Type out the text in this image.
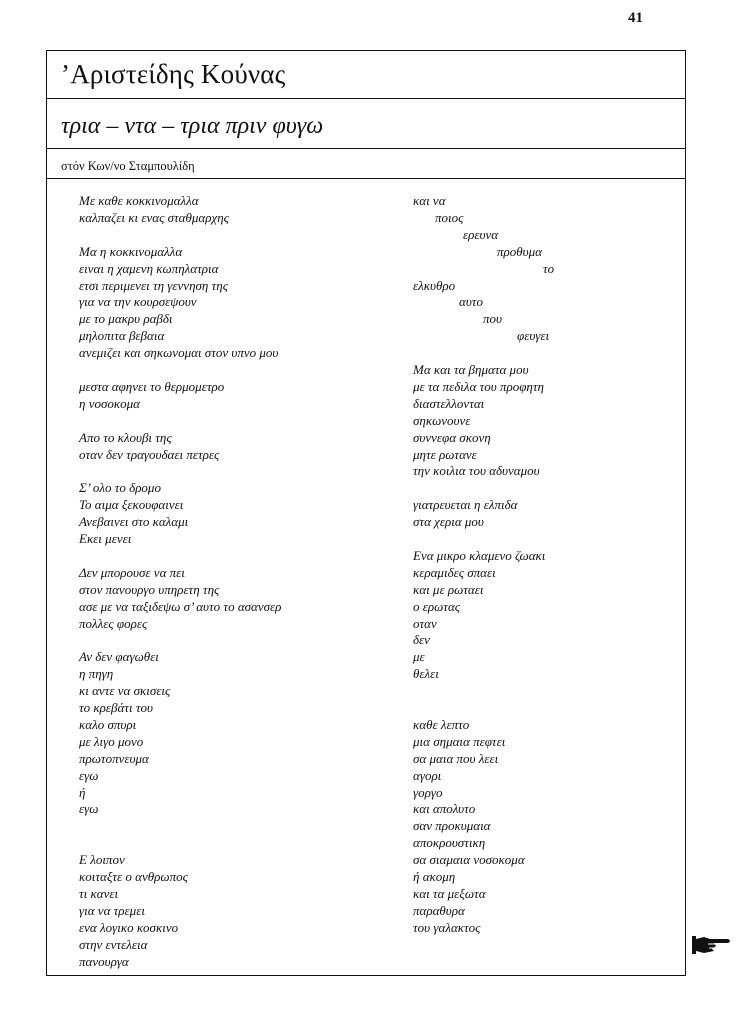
41
’Αριστείδης Κούνας
τρια – ντα – τρια πριν φυγω
στόν Κων/νο Σταμπουλίδη
Με καθε κοκκινομαλλα
καλπαζει κι ενας σταθμαρχης
Μα η κοκκινομαλλα
ειναι η χαμενη κωπηλατρια
ετσι περιμενει τη γεννηση της
για να την κουρσεψουν
με το μακρυ ραβδι
μηλοπιτα βεβαια
ανεμιζει και σηκωνομαι στον υπνο μου
μεστα αφηνει το θερμομετρο
η νοσοκομα
Απο το κλουβι της
οταν δεν τραγουδαει πετρες
Σ’ ολο το δρομο
Το αιμα ξεκουφαινει
Ανεβαινει στο καλαμι
Εκει μενει
Δεν μπορουσε να πει
στον πανουργο υπηρετη της
ασε με να ταξιδεψω σ’ αυτο το ασανσερ
πολλες φορες
Αν δεν φαγωθει
η πηγη
κι αντε να σκισεις
το κρεβάτι του
καλο σπυρι
με λιγο μονο
πρωτοπνευμα
εγω
ή
εγω
Ε λοιπον
κοιταξτε ο ανθρωπος
τι κανει
για να τρεμει
ενα λογικο κοσκινο
στην εντελεια
πανουργα
και να
ποιος
ερευνα
προθυμα
το
ελκυθρο
αυτο
που
φευγει
Μα και τα βηματα μου
με τα πεδιλα του προφητη
διαστελλονται
σηκωνουνε
συννεφα σκονη
μητε ρωτανε
την κοιλια του αδυναμου
γιατρευεται η ελπιδα
στα χερια μου
Ενα μικρο κλαμενο ζωακι
κεραμιδες σπαει
και με ρωταει
ο ερωτας
οταν
δεν
με
θελει
καθε λεπτο
μια σημαια πεφτει
σα μαια που λεει
αγορι
γοργο
και απολυτο
σαν προκυμαια
αποκρουστικη
σα σιαμαια νοσοκομα
ή ακομη
και τα μεξωτα
παραθυρα
του γαλακτος
